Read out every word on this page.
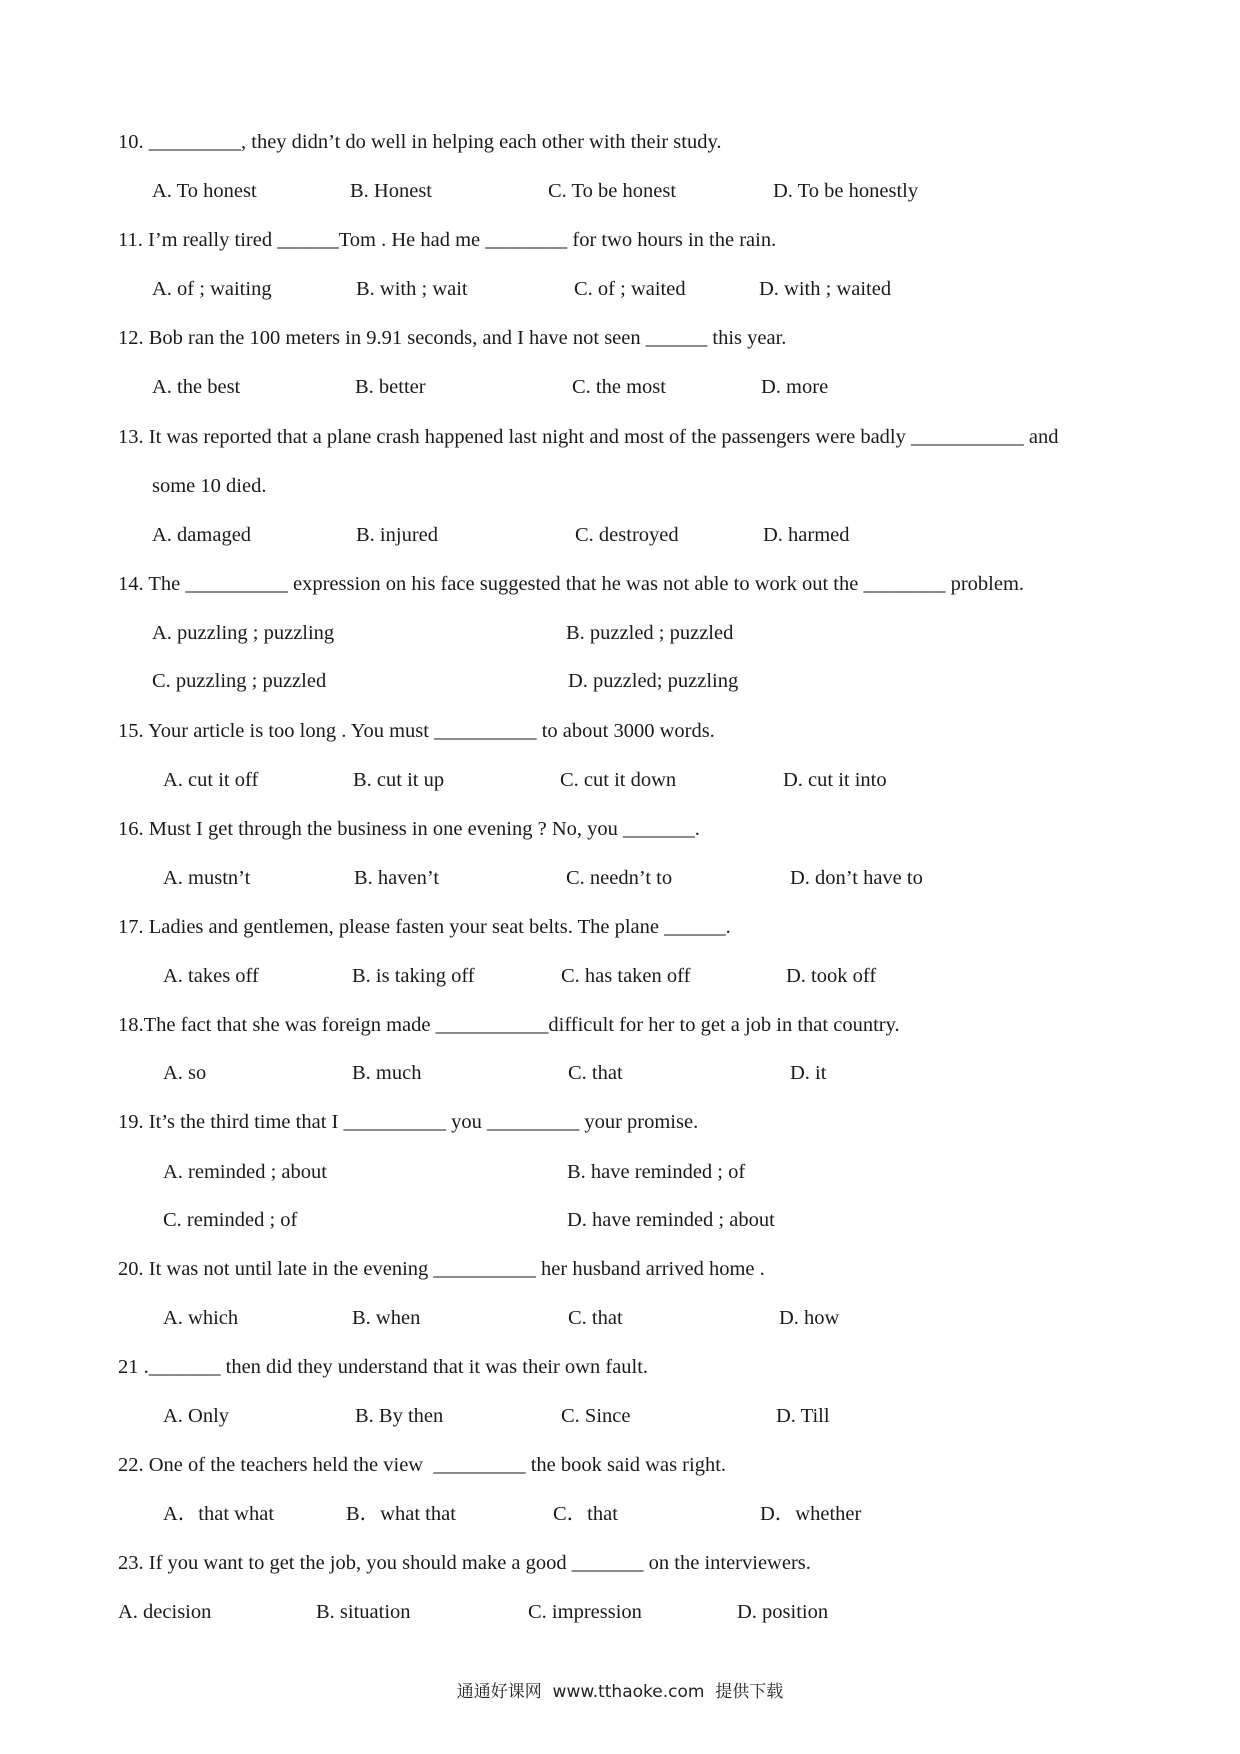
10. _________, they didn’t do well in helping each other with their study.
A. To honest	B. Honest	C. To be honest	D. To be honestly
11. I’m really tired ______Tom . He had me ________ for two hours in the rain.
A. of ; waiting	B. with ; wait	C. of ; waited	D. with ; waited
12. Bob ran the 100 meters in 9.91 seconds, and I have not seen ______ this year.
A. the best	B. better	C. the most	D. more
13. It was reported that a plane crash happened last night and most of the passengers were badly ___________ and
some 10 died.
A. damaged	B. injured	C. destroyed	D. harmed
14. The __________ expression on his face suggested that he was not able to work out the ________ problem.
A. puzzling ; puzzling	B. puzzled ; puzzled
C. puzzling ; puzzled	D. puzzled; puzzling
15. Your article is too long . You must __________ to about 3000 words.
A. cut it off	B. cut it up	C. cut it down	D. cut it into
16. Must I get through the business in one evening ? No, you _______.
A. mustn’t	B. haven’t	C. needn’t to	D. don’t have to
17. Ladies and gentlemen, please fasten your seat belts. The plane ______.
A. takes off	B. is taking off	C. has taken off	D. took off
18.The fact that she was foreign made ___________difficult for her to get a job in that country.
A. so	B. much	C. that	D. it
19. It’s the third time that I __________ you _________ your promise.
A. reminded ; about	B. have reminded ; of
C. reminded ; of	D. have reminded ; about
20. It was not until late in the evening __________ her husband arrived home .
A. which	B. when	C. that	D. how
21 ._______ then did they understand that it was their own fault.
A. Only	B. By then	C. Since	D. Till
22. One of the teachers held the view  _________ the book said was right.
A．that what	B．what that	C．that	D．whether
23. If you want to get the job, you should make a good _______ on the interviewers.
A. decision	B. situation	C. impression	D. position
通通好课网  www.tthaoke.com  提供下载
